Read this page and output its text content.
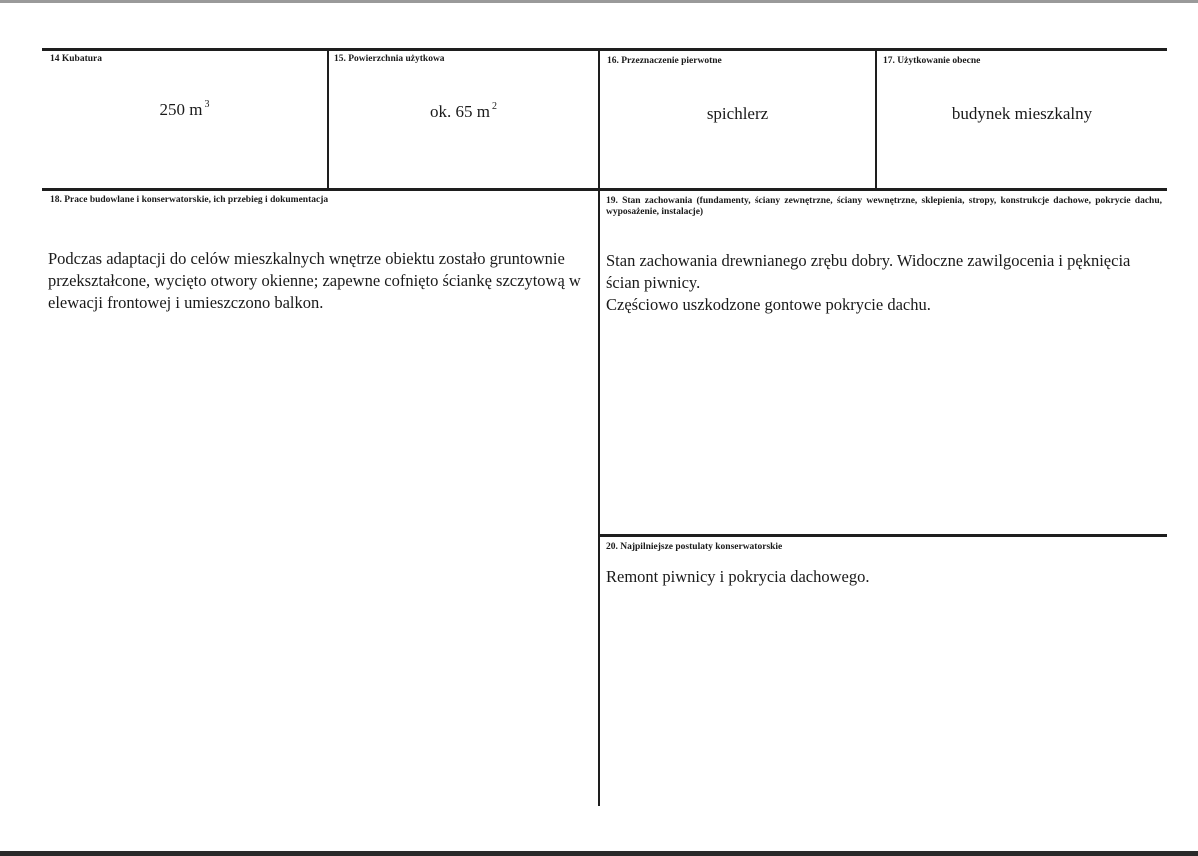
14 Kubatura
250 m $^3$
15. Powierzchnia użytkowa
ok. 65 m $^2$
16. Przeznaczenie pierwotne
spichlerz
17. Użytkowanie obecne
budynek mieszkalny
18. Prace budowlane i konserwatorskie, ich przebieg i dokumentacja
Podczas adaptacji do celów mieszkalnych wnętrze obiektu zostało gruntownie przekształcone, wycięto otwory okienne; zapewne cofnięto ściankę szczytową w elewacji frontowej i umieszczono balkon.
19. Stan zachowania (fundamenty, ściany zewnętrzne, ściany wewnętrzne, sklepienia, stropy, konstrukcje dachowe, pokrycie dachu, wyposażenie, instalacje)

Stan zachowania drewnianego zrębu dobry. Widoczne zawilgocenia i pęknięcia ścian piwnicy.

Częściowo uszkodzone gontowe pokrycie dachu.

20. Najpilniejsze postulaty konserwatorskie
Remont piwnicy i pokrycia dachowego.
